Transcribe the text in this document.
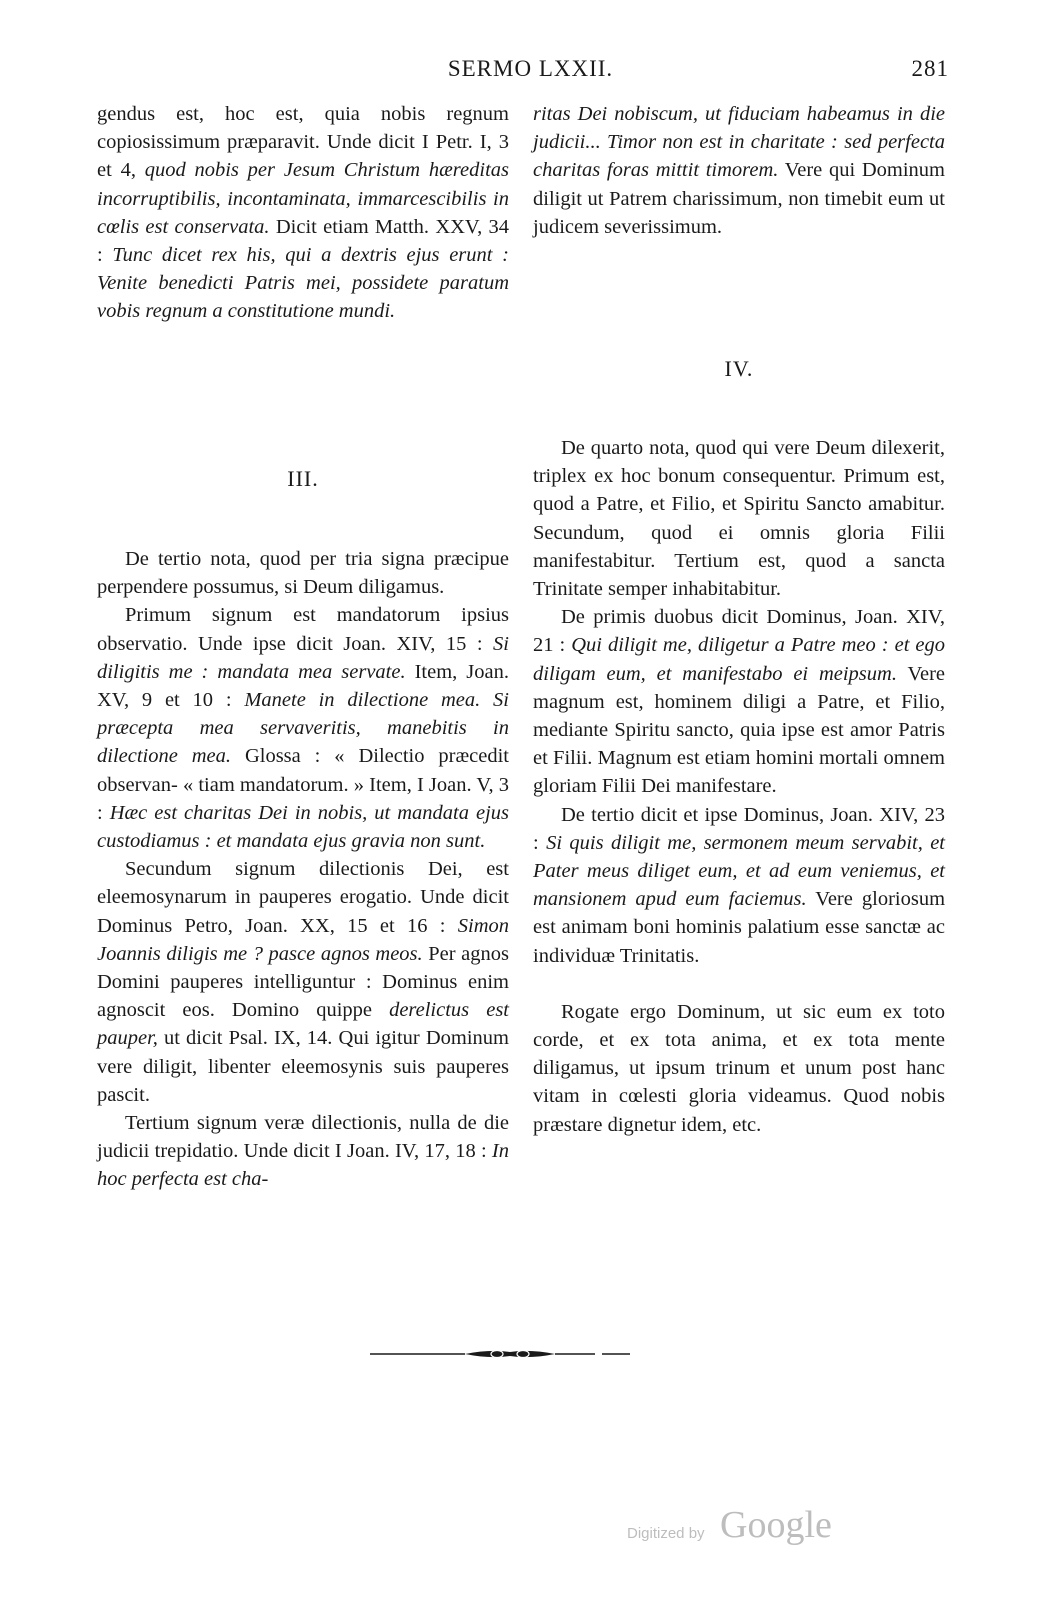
SERMO LXXII.	281

gendus est, hoc est, quia nobis regnum copiosissimum præparavit. Unde dicit I Petr. I, 3 et 4, quod nobis per Jesum Christum hæreditas incorruptibilis, incontaminata, immarcescibilis in cœlis est conservata. Dicit etiam Matth. XXV, 34 : Tunc dicet rex his, qui a dextris ejus erunt : Venite benedicti Patris mei, possidete paratum vobis regnum a constitutione mundi.

III.

De tertio nota, quod per tria signa præcipue perpendere possumus, si Deum diligamus.

Primum signum est mandatorum ipsius observatio. Unde ipse dicit Joan. XIV, 15 : Si diligitis me : mandata mea servate. Item, Joan. XV, 9 et 10 : Manete in dilectione mea. Si præcepta mea servaveritis, manebitis in dilectione mea. Glossa : « Dilectio præcedit observan- « tiam mandatorum. » Item, I Joan. V, 3 : Hæc est charitas Dei in nobis, ut mandata ejus custodiamus : et mandata ejus gravia non sunt.

Secundum signum dilectionis Dei, est eleemosynarum in pauperes erogatio. Unde dicit Dominus Petro, Joan. XX, 15 et 16 : Simon Joannis diligis me ? pasce agnos meos. Per agnos Domini pauperes intelliguntur : Dominus enim agnoscit eos. Domino quippe derelictus est pauper, ut dicit Psal. IX, 14. Qui igitur Dominum vere diligit, libenter eleemosynis suis pauperes pascit.

Tertium signum veræ dilectionis, nulla de die judicii trepidatio. Unde dicit I Joan. IV, 17, 18 : In hoc perfecta est cha-

ritas Dei nobiscum, ut fiduciam habeamus in die judicii... Timor non est in charitate : sed perfecta charitas foras mittit timorem. Vere qui Dominum diligit ut Patrem charissimum, non timebit eum ut judicem severissimum.

IV.

De quarto nota, quod qui vere Deum dilexerit, triplex ex hoc bonum consequentur. Primum est, quod a Patre, et Filio, et Spiritu Sancto amabitur. Secundum, quod ei omnis gloria Filii manifestabitur. Tertium est, quod a sancta Trinitate semper inhabitabitur.

De primis duobus dicit Dominus, Joan. XIV, 21 : Qui diligit me, diligetur a Patre meo : et ego diligam eum, et manifestabo ei meipsum. Vere magnum est, hominem diligi a Patre, et Filio, mediante Spiritu sancto, quia ipse est amor Patris et Filii. Magnum est etiam homini mortali omnem gloriam Filii Dei manifestare.

De tertio dicit et ipse Dominus, Joan. XIV, 23 : Si quis diligit me, sermonem meum servabit, et Pater meus diliget eum, et ad eum veniemus, et mansionem apud eum faciemus. Vere gloriosum est animam boni hominis palatium esse sanctæ ac individuæ Trinitatis.

Rogate ergo Dominum, ut sic eum ex toto corde, et ex tota anima, et ex tota mente diligamus, ut ipsum trinum et unum post hanc vitam in cœlesti gloria videamus. Quod nobis præstare dignetur idem, etc.

Digitized by Google
